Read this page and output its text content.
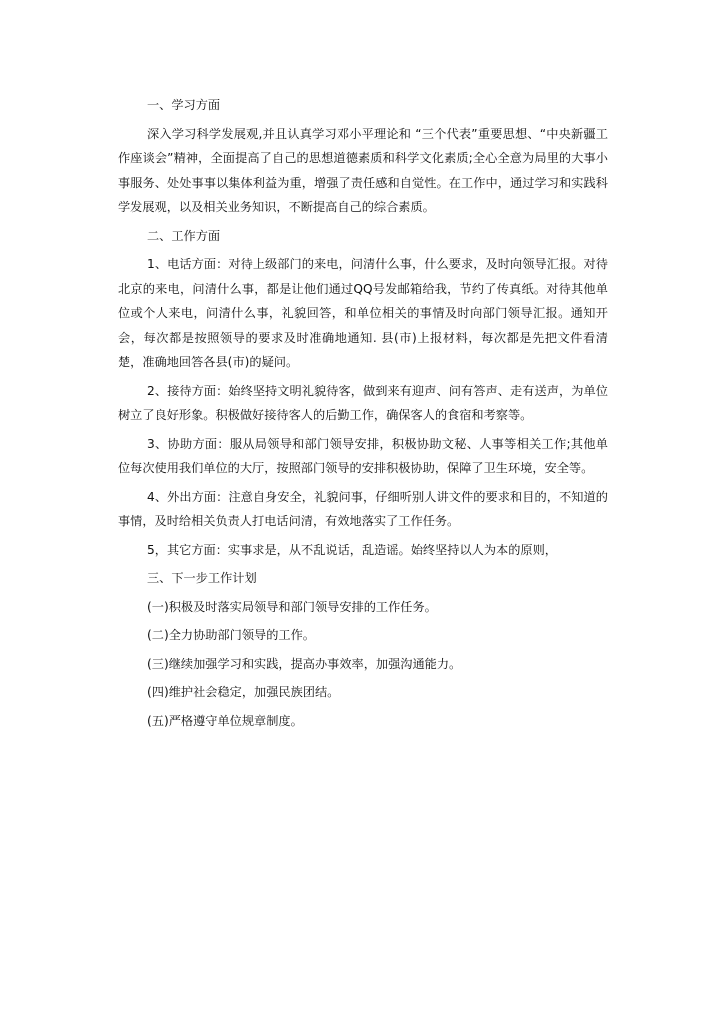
一、学习方面

深入学习科学发展观,并且认真学习邓小平理论和 “三个代表”重要思想、“中央新疆工作座谈会”精神，全面提高了自己的思想道德素质和科学文化素质;全心全意为局里的大事小事服务、处处事事以集体利益为重，增强了责任感和自觉性。在工作中，通过学习和实践科学发展观，以及相关业务知识，不断提高自己的综合素质。

二、工作方面

1、电话方面：对待上级部门的来电，问清什么事，什么要求，及时向领导汇报。对待北京的来电，问清什么事，都是让他们通过QQ号发邮箱给我，节约了传真纸。对待其他单位或个人来电，问清什么事，礼貌回答，和单位相关的事情及时向部门领导汇报。通知开会，每次都是按照领导的要求及时准确地通知. 县(市)上报材料，每次都是先把文件看清楚，准确地回答各县(市)的疑问。

2、接待方面：始终坚持文明礼貌待客，做到来有迎声、问有答声、走有送声，为单位树立了良好形象。积极做好接待客人的后勤工作，确保客人的食宿和考察等。

3、协助方面：服从局领导和部门领导安排，积极协助文秘、人事等相关工作;其他单位每次使用我们单位的大厅，按照部门领导的安排积极协助，保障了卫生环境，安全等。

4、外出方面：注意自身安全，礼貌问事，仔细听别人讲文件的要求和目的，不知道的事情，及时给相关负责人打电话问清，有效地落实了工作任务。

5，其它方面：实事求是，从不乱说话，乱造谣。始终坚持以人为本的原则，

三、下一步工作计划

(一)积极及时落实局领导和部门领导安排的工作任务。

(二)全力协助部门领导的工作。

(三)继续加强学习和实践，提高办事效率，加强沟通能力。

(四)维护社会稳定，加强民族团结。

(五)严格遵守单位规章制度。
